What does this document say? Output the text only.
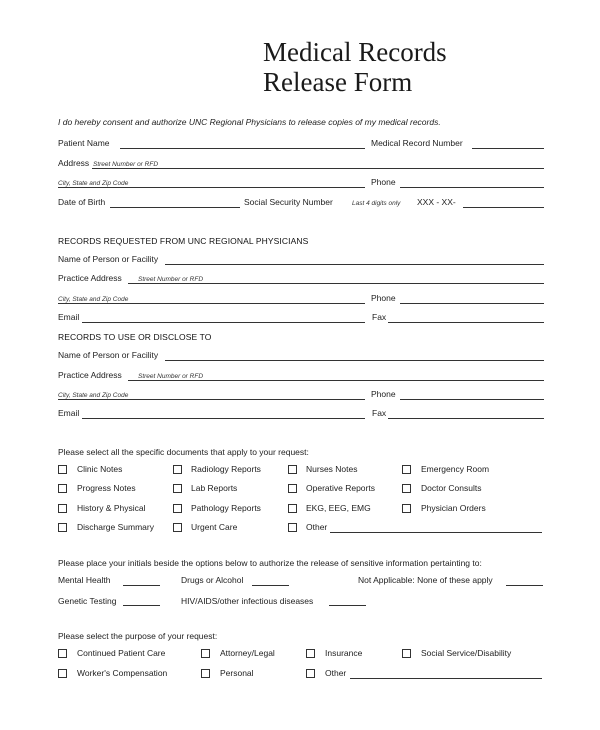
Medical Records
Release Form
I do hereby consent and authorize UNC Regional Physicians to release copies of my medical records.
Patient Name	Medical Record Number
Address Street Number or RFD
City, State and Zip Code	Phone
Date of Birth	Social Security Number	Last 4 digits only XXX - XX-
RECORDS REQUESTED FROM UNC REGIONAL PHYSICIANS
Name of Person or Facility
Practice Address Street Number or RFD
City, State and Zip Code	Phone
Email	Fax
RECORDS TO USE OR DISCLOSE TO
Name of Person or Facility
Practice Address Street Number or RFD
City, State and Zip Code	Phone
Email	Fax
Please select all the specific documents that apply to your request:
Clinic Notes	Radiology Reports	Nurses Notes	Emergency Room
Progress Notes	Lab Reports	Operative Reports	Doctor Consults
History & Physical	Pathology Reports	EKG, EEG, EMG	Physician Orders
Discharge Summary	Urgent Care	Other
Please place your initials beside the options below to authorize the release of sensitive information pertainting to:
Mental Health	Drugs or Alcohol	Not Applicable: None of these apply
Genetic Testing	HIV/AIDS/other infectious diseases
Please select the purpose of your request:
Continued Patient Care	Attorney/Legal	Insurance	Social Service/Disability
Worker's Compensation	Personal	Other
